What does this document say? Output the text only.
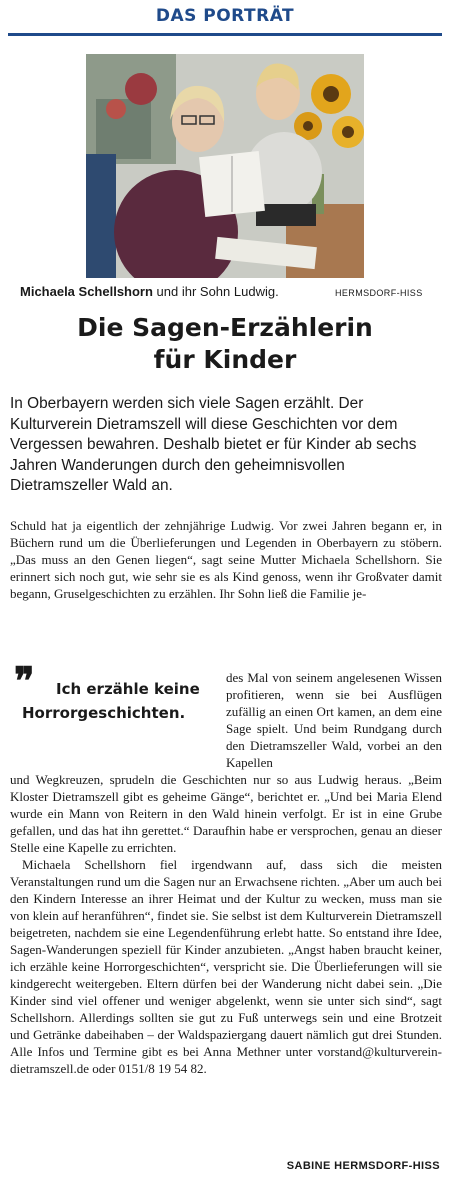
DAS PORTRÄT
Michaela Schellshorn und ihr Sohn Ludwig.	HERMSDORF-HISS
Die Sagen-Erzählerin
für Kinder
In Oberbayern werden sich viele Sagen erzählt. Der Kulturverein Dietramszell will diese Geschichten vor dem Vergessen bewahren. Deshalb bietet er für Kinder ab sechs Jahren Wanderungen durch den geheimnisvollen Dietramszeller Wald an.

Schuld hat ja eigentlich der zehnjährige Ludwig. Vor zwei Jahren begann er, in Büchern rund um die Überlieferungen und Legenden in Oberbayern zu stöbern. „Das muss an den Genen liegen“, sagt seine Mutter Michaela Schellshorn. Sie erinnert sich noch gut, wie sehr sie es als Kind genoss, wenn ihr Großvater damit begann, Gruselgeschichten zu erzählen. Ihr Sohn ließ die Familie je-

❞ Ich erzähle keine
Horrorgeschichten.

des Mal von seinem angelesenen Wissen profitieren, wenn sie bei Ausflügen zufällig an einen Ort kamen, an dem eine Sage spielt. Und beim Rundgang durch den Dietramszeller Wald, vorbei an den Kapellen

und Wegkreuzen, sprudeln die Geschichten nur so aus Ludwig heraus. „Beim Kloster Dietramszell gibt es geheime Gänge“, berichtet er. „Und bei Maria Elend wurde ein Mann von Reitern in den Wald hinein verfolgt. Er ist in eine Grube gefallen, und das hat ihn gerettet.“ Daraufhin habe er versprochen, genau an dieser Stelle eine Kapelle zu errichten.

Michaela Schellshorn fiel irgendwann auf, dass sich die meisten Veranstaltungen rund um die Sagen nur an Erwachsene richten. „Aber um auch bei den Kindern Interesse an ihrer Heimat und der Kultur zu wecken, muss man sie von klein auf heranführen“, findet sie. Sie selbst ist dem Kulturverein Dietramszell beigetreten, nachdem sie eine Legendenführung erlebt hatte. So entstand ihre Idee, Sagen-Wanderungen speziell für Kinder anzubieten. „Angst haben braucht keiner, ich erzähle keine Horrorgeschichten“, verspricht sie. Die Überlieferungen will sie kindgerecht weitergeben. Eltern dürfen bei der Wanderung nicht dabei sein. „Die Kinder sind viel offener und weniger abgelenkt, wenn sie unter sich sind“, sagt Schellshorn. Allerdings sollten sie gut zu Fuß unterwegs sein und eine Brotzeit und Getränke dabeihaben – der Waldspaziergang dauert nämlich gut drei Stunden. Alle Infos und Termine gibt es bei Anna Methner unter vorstand@kulturverein-dietramszell.de oder 0151/8 19 54 82.

SABINE HERMSDORF-HISS
